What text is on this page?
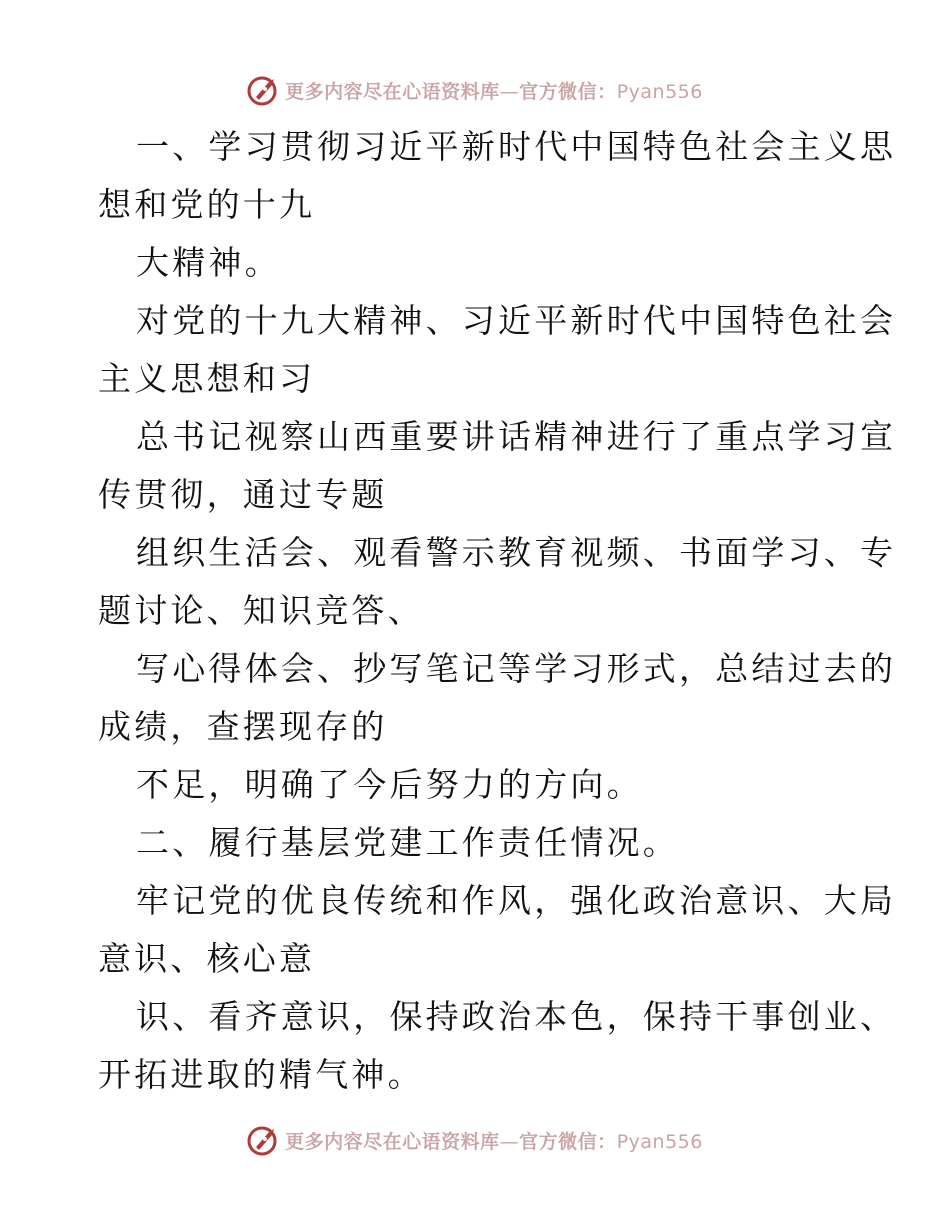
更多内容尽在心语资料库—官方微信：Pyan556
一、学习贯彻习近平新时代中国特色社会主义思
想和党的十九
大精神。
对党的十九大精神、习近平新时代中国特色社会
主义思想和习
总书记视察山西重要讲话精神进行了重点学习宣
传贯彻，通过专题
组织生活会、观看警示教育视频、书面学习、专
题讨论、知识竞答、
写心得体会、抄写笔记等学习形式，总结过去的
成绩，查摆现存的
不足，明确了今后努力的方向。
二、履行基层党建工作责任情况。
牢记党的优良传统和作风，强化政治意识、大局
意识、核心意
识、看齐意识，保持政治本色，保持干事创业、
开拓进取的精气神。
更多内容尽在心语资料库—官方微信：Pyan556
